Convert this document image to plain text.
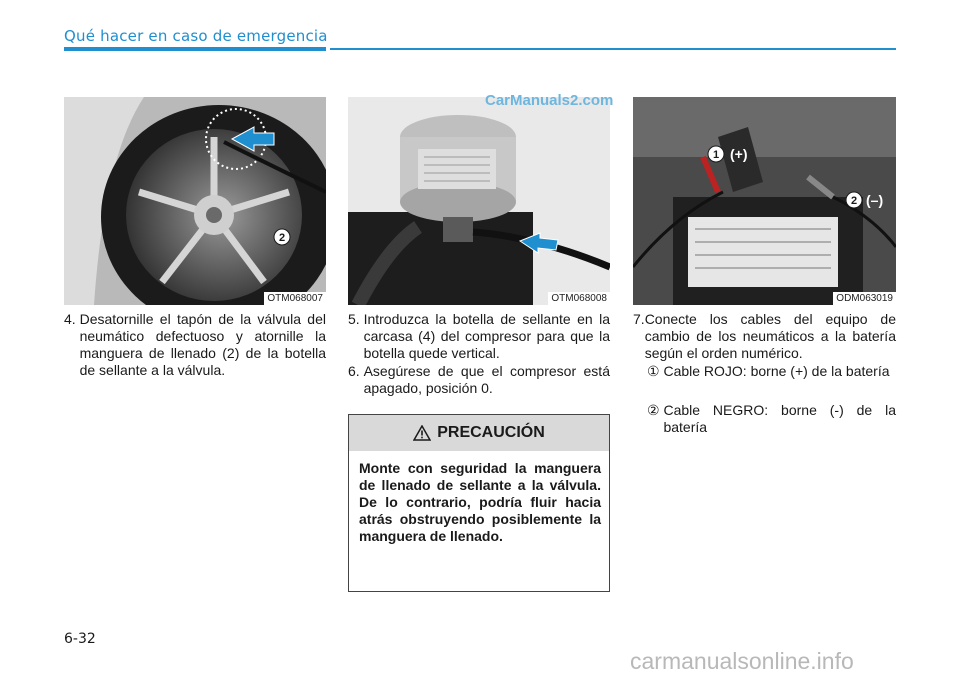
Qué hacer en caso de emergencia
2
OTM068007	OTM068008
CarManuals2.com
1 (+)
2 (–)
ODM063019
4. Desatornille el tapón de la válvula del neumático defectuoso y atornille la manguera de llenado (2) de la botella de sellante a la válvula.
5. Introduzca la botella de sellante en la carcasa (4) del compresor para que la botella quede vertical.
6. Asegúrese de que el compresor está apagado, posición 0.
PRECAUCIÓN
Monte con seguridad la manguera de llenado de sellante a la válvula. De lo contrario, podría fluir hacia atrás obstruyendo posiblemente la manguera de llenado.
7. Conecte los cables del equipo de cambio de los neumáticos a la batería según el orden numérico.
① Cable ROJO: borne (+) de la batería
② Cable NEGRO: borne (-) de la batería
6-32
carmanualsonline.info
